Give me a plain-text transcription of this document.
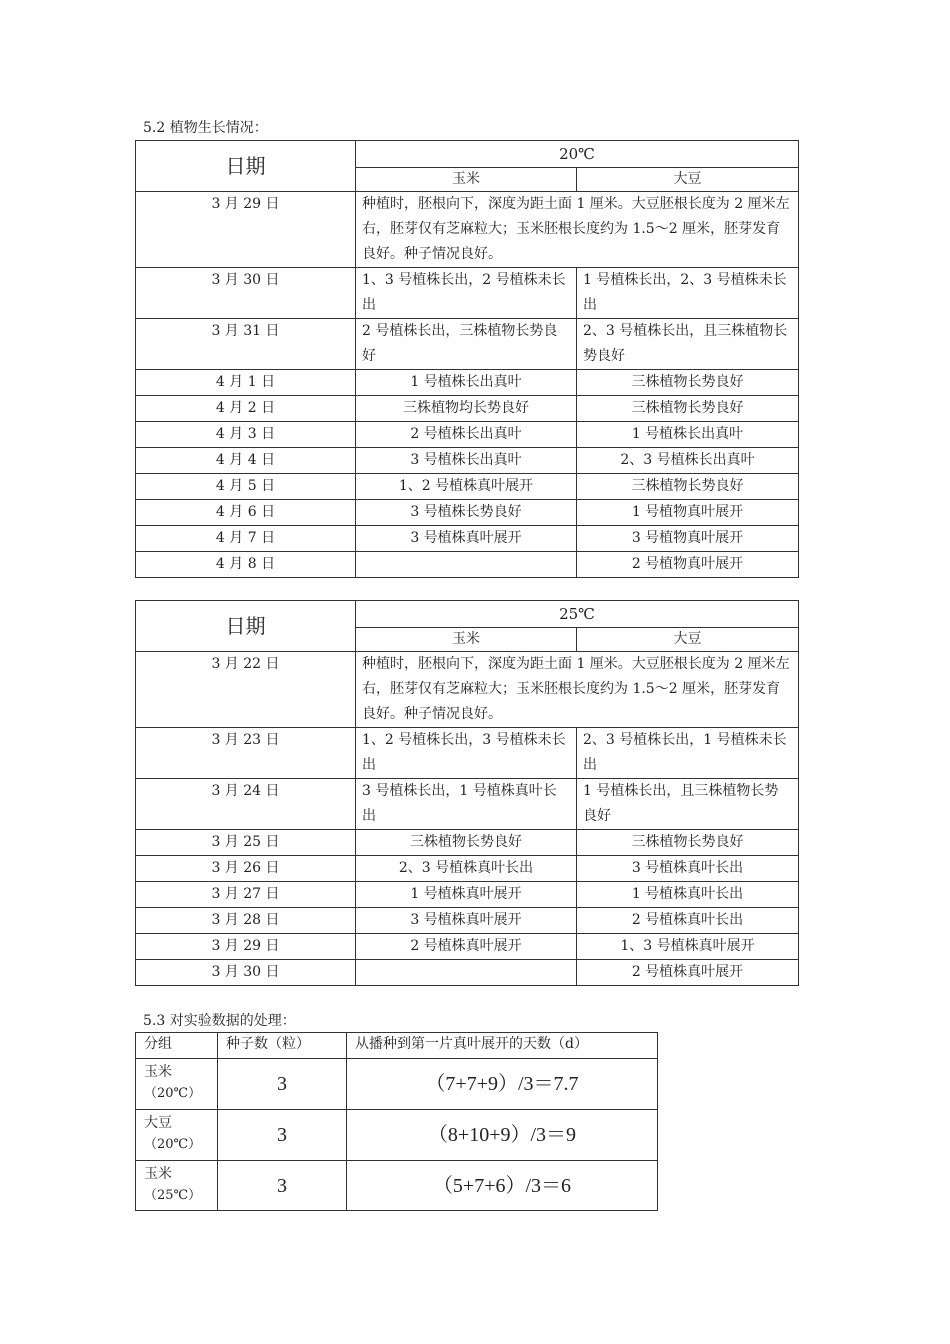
5.2 植物生长情况：
日期	20℃	
	玉米	大豆
3 月 29 日	种植时，胚根向下，深度为距土面 1 厘米。大豆胚根长度为 2 厘米左右，胚芽仅有芝麻粒大；玉米胚根长度约为 1.5～2 厘米，胚芽发育良好。种子情况良好。	
3 月 30 日	1、3 号植株长出，2 号植株未长出	1 号植株长出，2、3 号植株未长出
3 月 31 日	2 号植株长出，三株植物长势良好	2、3 号植株长出，且三株植物长势良好
4 月 1 日	1 号植株长出真叶	三株植物长势良好
4 月 2 日	三株植物均长势良好	三株植物长势良好
4 月 3 日	2 号植株长出真叶	1 号植株长出真叶
4 月 4 日	3 号植株长出真叶	2、3 号植株长出真叶
4 月 5 日	1、2 号植株真叶展开	三株植物长势良好
4 月 6 日	3 号植株长势良好	1 号植物真叶展开
4 月 7 日	3 号植株真叶展开	3 号植物真叶展开
4 月 8 日		2 号植物真叶展开
日期	25℃	
	玉米	大豆
3 月 22 日	种植时，胚根向下，深度为距土面 1 厘米。大豆胚根长度为 2 厘米左右，胚芽仅有芝麻粒大；玉米胚根长度约为 1.5～2 厘米，胚芽发育良好。种子情况良好。	
3 月 23 日	1、2 号植株长出，3 号植株未长出	2、3 号植株长出，1 号植株未长出
3 月 24 日	3 号植株长出，1 号植株真叶长出	1 号植株长出，且三株植物长势良好
3 月 25 日	三株植物长势良好	三株植物长势良好
3 月 26 日	2、3 号植株真叶长出	3 号植株真叶长出
3 月 27 日	1 号植株真叶展开	1 号植株真叶长出
3 月 28 日	3 号植株真叶展开	2 号植株真叶长出
3 月 29 日	2 号植株真叶展开	1、3 号植株真叶展开
3 月 30 日		2 号植株真叶展开
5.3 对实验数据的处理：
分组	种子数（粒）	从播种到第一片真叶展开的天数（d）

玉米
（20℃）	3	（7+7+9）/3＝7.7

大豆
（20℃）	3	（8+10+9）/3＝9

玉米
（25℃）	3	（5+7+6）/3＝6
